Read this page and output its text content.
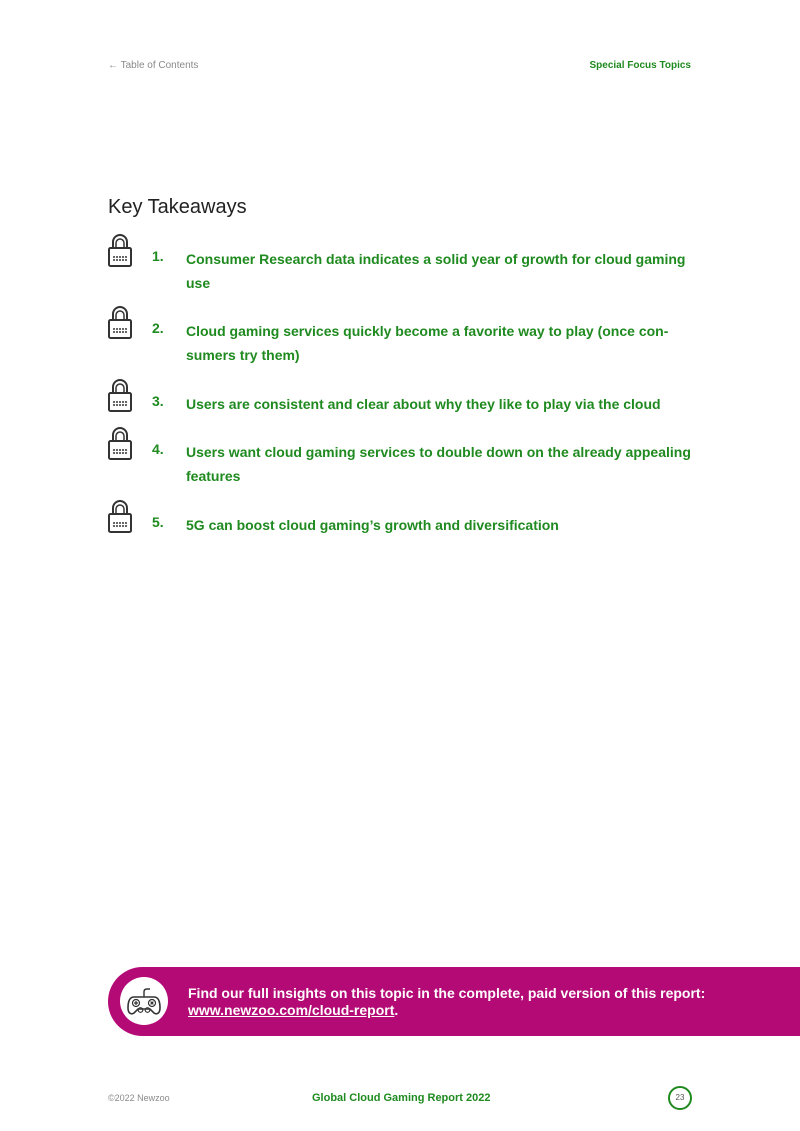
← Table of Contents	Special Focus Topics
Key Takeaways
1. Consumer Research data indicates a solid year of growth for cloud gaming use
2. Cloud gaming services quickly become a favorite way to play (once con-sumers try them)
3. Users are consistent and clear about why they like to play via the cloud
4. Users want cloud gaming services to double down on the already appealing features
5. 5G can boost cloud gaming’s growth and diversification
Find our full insights on this topic in the complete, paid version of this report: www.newzoo.com/cloud-report.
©2022 Newzoo	Global Cloud Gaming Report 2022	23
